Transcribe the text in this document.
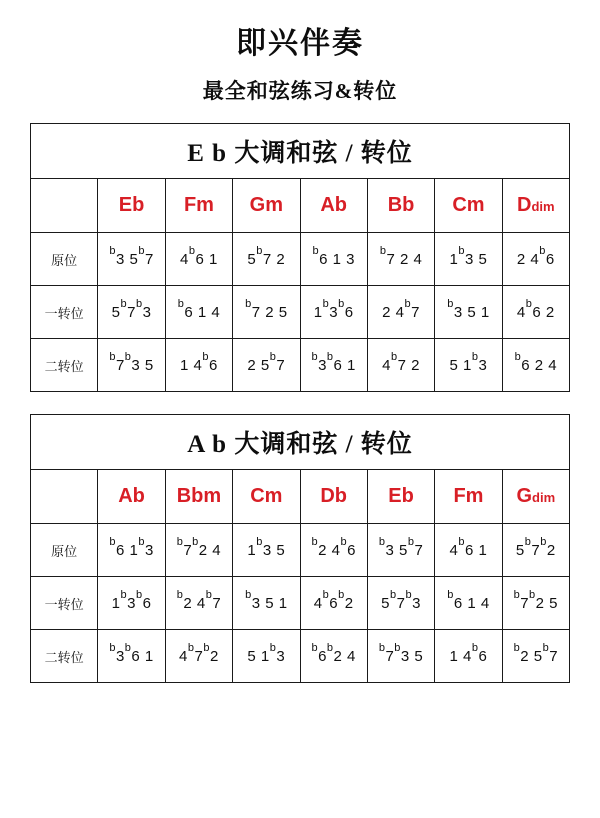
即兴伴奏
最全和弦练习&转位
E b 大调和弦 / 转位							
	Eb	Fm	Gm	Ab	Bb	Cm	Ddim
原位	$^b$3 5$^b$7	4$^b$6 1	5$^b$7 2	$^b$6 1 3	$^b$7 2 4	1$^b$3 5	2 4$^b$6
一转位	5$^b$7$^b$3	$^b$6 1 4	$^b$7 2 5	1$^b$3$^b$6	2 4$^b$7	$^b$3 5 1	4$^b$6 2
二转位	$^b$7$^b$3 5	1 4$^b$6	2 5$^b$7	$^b$3$^b$6 1	4$^b$7 2	5 1$^b$3	$^b$6 2 4
A b 大调和弦 / 转位							
	Ab	Bbm	Cm	Db	Eb	Fm	Gdim
原位	$^b$6 1$^b$3	$^b$7$^b$2 4	1$^b$3 5	$^b$2 4$^b$6	$^b$3 5$^b$7	4$^b$6 1	5$^b$7$^b$2
一转位	1$^b$3$^b$6	$^b$2 4$^b$7	$^b$3 5 1	4$^b$6$^b$2	5$^b$7$^b$3	$^b$6 1 4	$^b$7$^b$2 5
二转位	$^b$3$^b$6 1	4$^b$7$^b$2	5 1$^b$3	$^b$6$^b$2 4	$^b$7$^b$3 5	1 4$^b$6	$^b$2 5$^b$7
